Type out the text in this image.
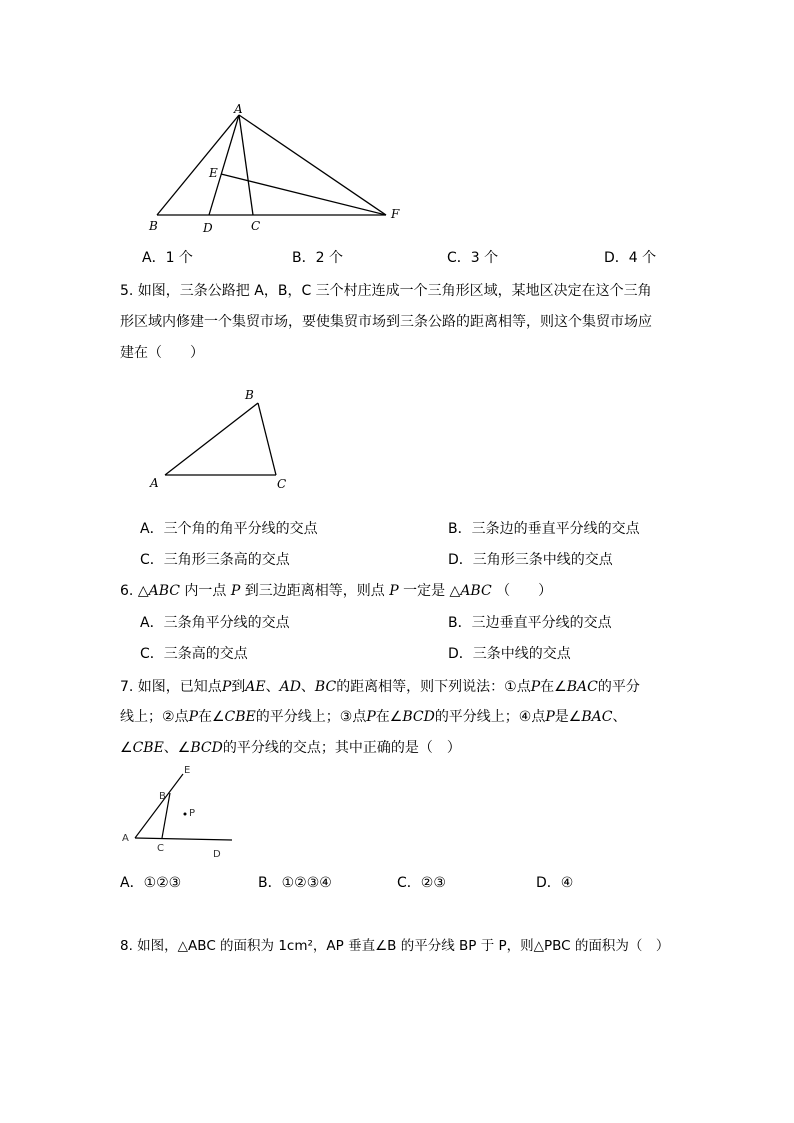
A
E
B	D	C
F
A．1 个	B．2 个	C．3 个	D．4 个
5. 如图，三条公路把 A，B，C 三个村庄连成一个三角形区域，某地区决定在这个三角
形区域内修建一个集贸市场，要使集贸市场到三条公路的距离相等，则这个集贸市场应
建在（　　）
B
A	C
A．三个角的角平分线的交点	B．三条边的垂直平分线的交点
C．三角形三条高的交点	D．三角形三条中线的交点
6. △ABC 内一点 P 到三边距离相等，则点 P 一定是 △ABC （　　）
A．三条角平分线的交点	B．三边垂直平分线的交点
C．三条高的交点	D．三条中线的交点
7. 如图，已知点P到AE、AD、BC的距离相等，则下列说法：①点P在∠BAC的平分
线上；②点P在∠CBE的平分线上；③点P在∠BCD的平分线上；④点P是∠BAC、
∠CBE、∠BCD的平分线的交点；其中正确的是（　）
E
B
P
A
C
D
A．①②③	B．①②③④	C．②③	D．④
8. 如图，△ABC 的面积为 1cm²，AP 垂直∠B 的平分线 BP 于 P，则△PBC 的面积为（　）
